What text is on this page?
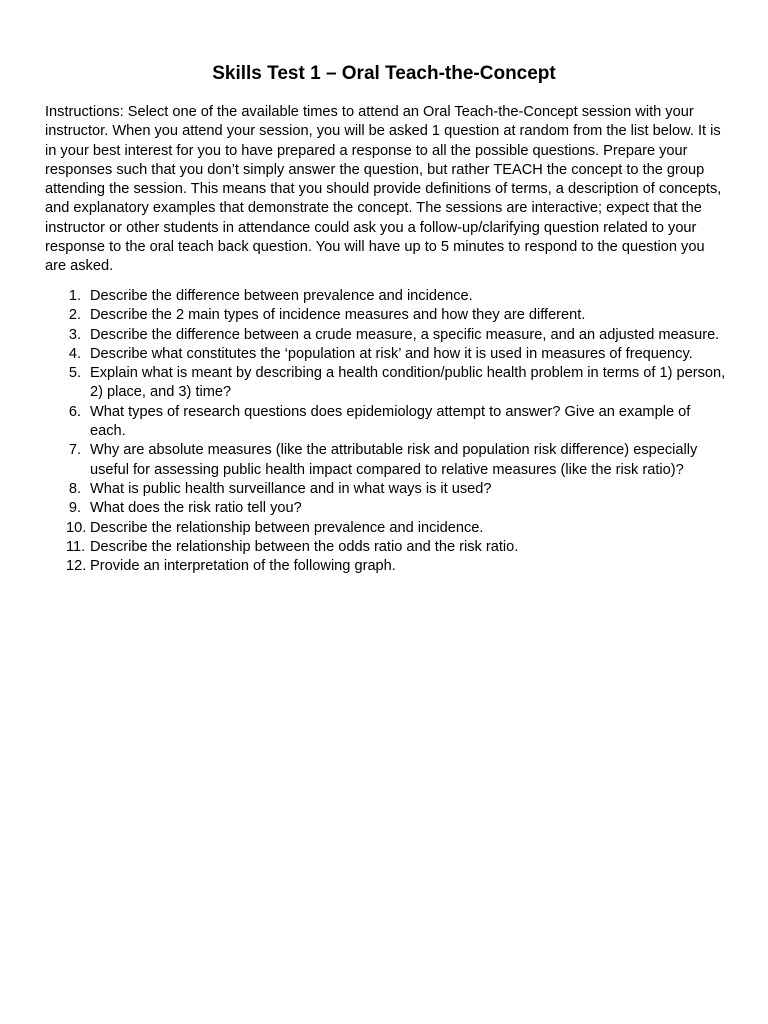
Skills Test 1 – Oral Teach-the-Concept

Instructions: Select one of the available times to attend an Oral Teach-the-Concept session with your instructor. When you attend your session, you will be asked 1 question at random from the list below. It is in your best interest for you to have prepared a response to all the possible questions. Prepare your responses such that you don’t simply answer the question, but rather TEACH the concept to the group attending the session. This means that you should provide definitions of terms, a description of concepts, and explanatory examples that demonstrate the concept. The sessions are interactive; expect that the instructor or other students in attendance could ask you a follow-up/clarifying question related to your response to the oral teach back question. You will have up to 5 minutes to respond to the question you are asked.

1. Describe the difference between prevalence and incidence.
2. Describe the 2 main types of incidence measures and how they are different.
3. Describe the difference between a crude measure, a specific measure, and an adjusted measure.
4. Describe what constitutes the ‘population at risk’ and how it is used in measures of frequency.
5. Explain what is meant by describing a health condition/public health problem in terms of 1) person, 2) place, and 3) time?
6. What types of research questions does epidemiology attempt to answer? Give an example of each.
7. Why are absolute measures (like the attributable risk and population risk difference) especially useful for assessing public health impact compared to relative measures (like the risk ratio)?
8. What is public health surveillance and in what ways is it used?
9. What does the risk ratio tell you?
10. Describe the relationship between prevalence and incidence.
11. Describe the relationship between the odds ratio and the risk ratio.
12. Provide an interpretation of the following graph.
